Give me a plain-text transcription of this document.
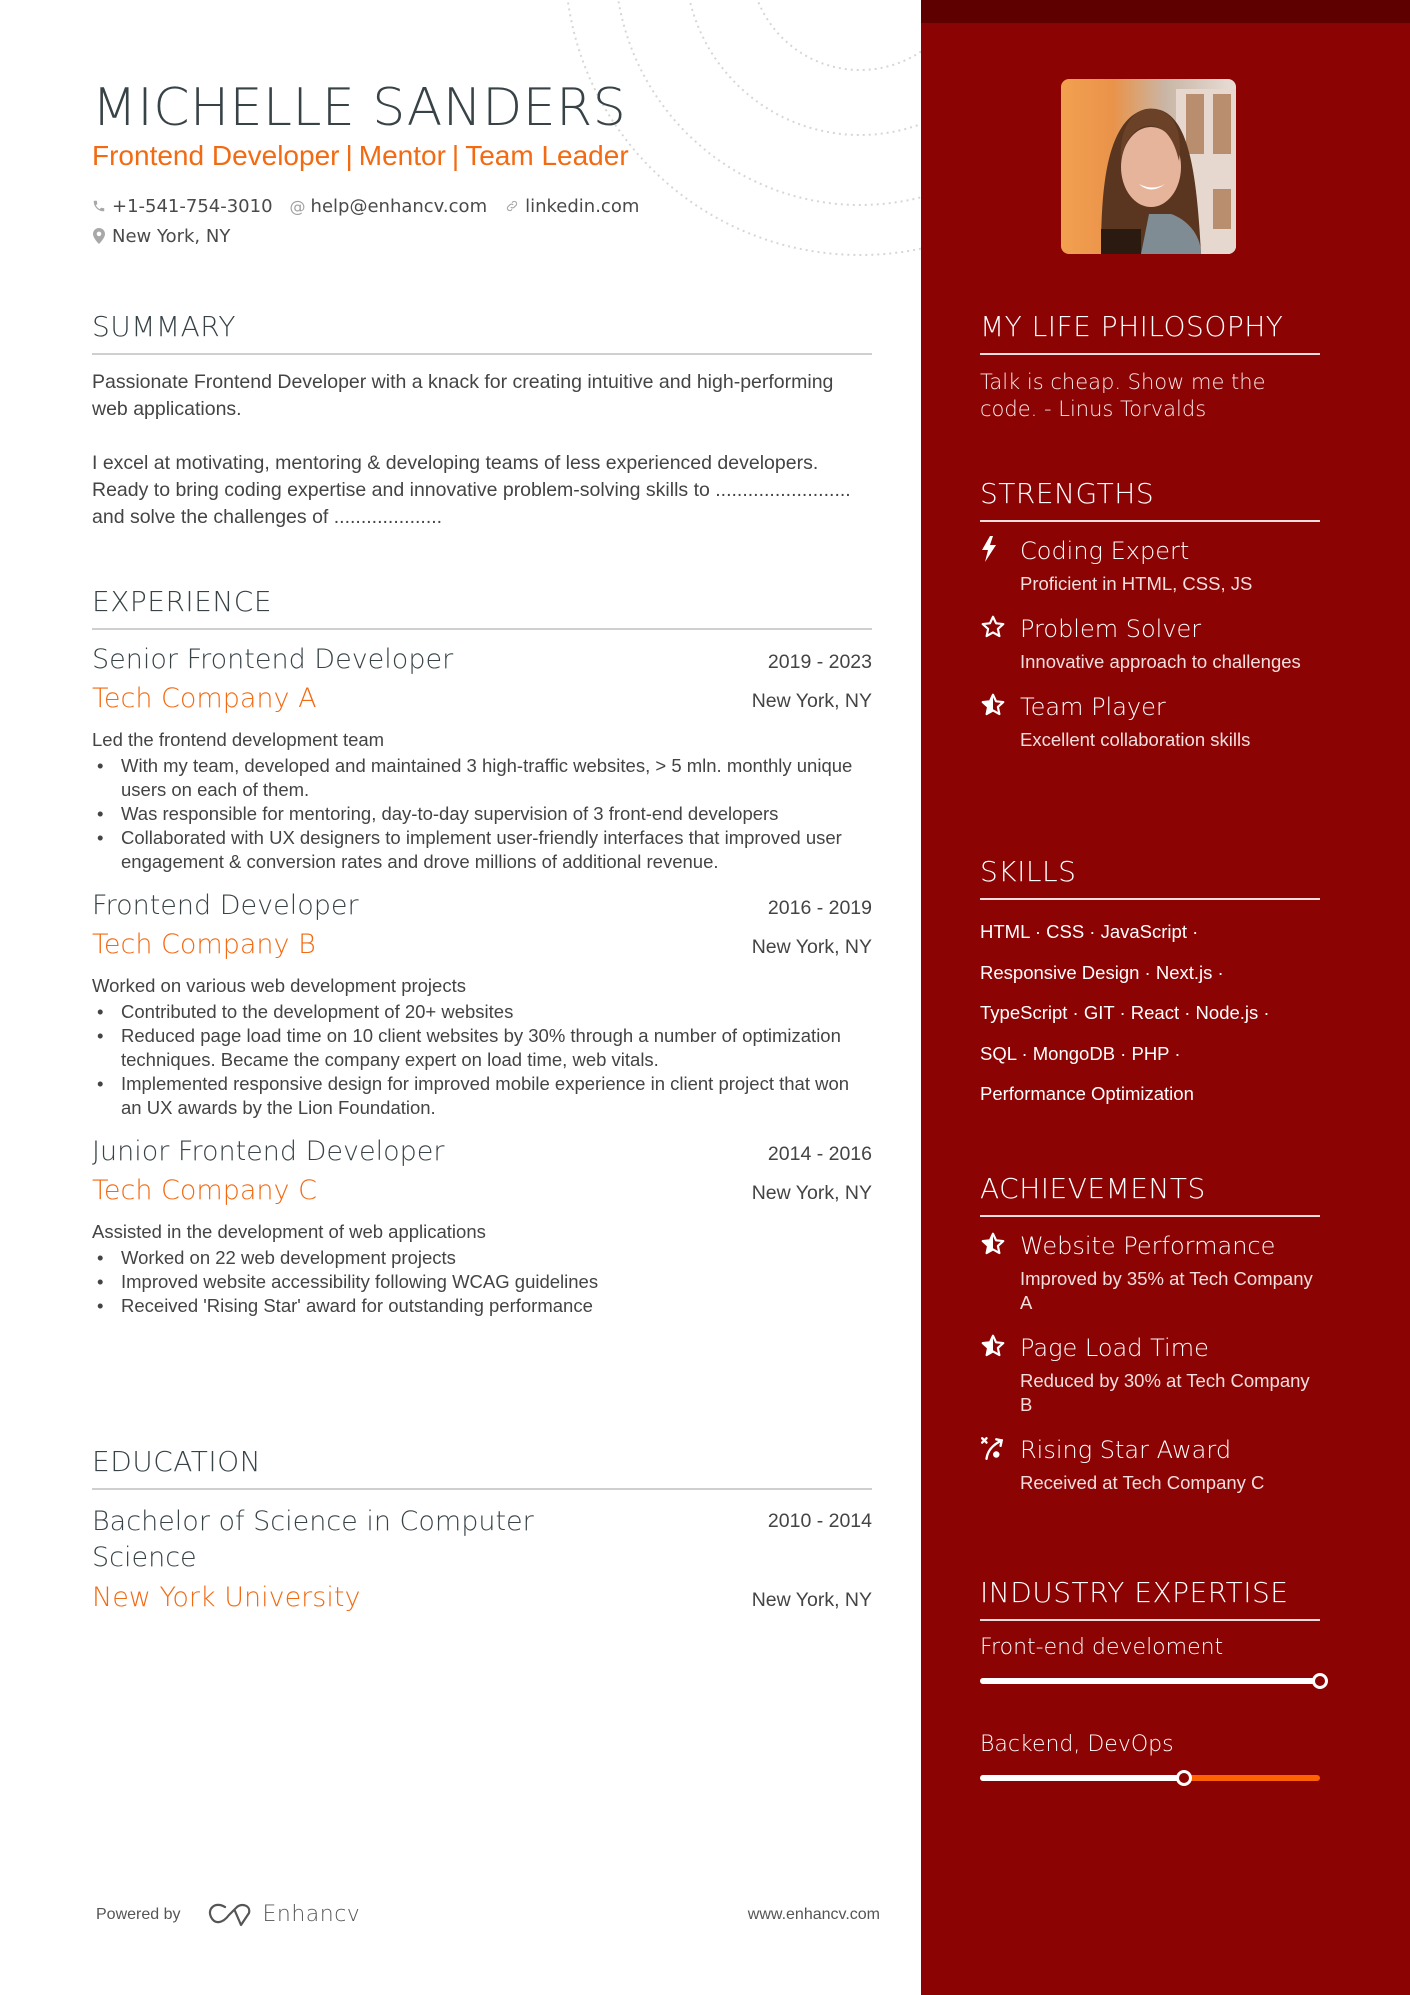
MICHELLE SANDERS
Frontend Developer | Mentor | Team Leader
+1-541-754-3010 @ help@enhancv.com linkedin.com
New York, NY
SUMMARY

Passionate Frontend Developer with a knack for creating intuitive and high-performing web applications.

I excel at motivating, mentoring & developing teams of less experienced developers. Ready to bring coding expertise and innovative problem-solving skills to ......................... and solve the challenges of ....................

EXPERIENCE
Senior Frontend Developer	2019 - 2023
Tech Company A	New York, NY
Led the frontend development team
• With my team, developed and maintained 3 high-traffic websites, > 5 mln. monthly unique users on each of them.
• Was responsible for mentoring, day-to-day supervision of 3 front-end developers
• Collaborated with UX designers to implement user-friendly interfaces that improved user engagement & conversion rates and drove millions of additional revenue.
Frontend Developer	2016 - 2019
Tech Company B	New York, NY
Worked on various web development projects
• Contributed to the development of 20+ websites
• Reduced page load time on 10 client websites by 30% through a number of optimization techniques. Became the company expert on load time, web vitals.
• Implemented responsive design for improved mobile experience in client project that won an UX awards by the Lion Foundation.
Junior Frontend Developer	2014 - 2016
Tech Company C	New York, NY
Assisted in the development of web applications
• Worked on 22 web development projects
• Improved website accessibility following WCAG guidelines
• Received 'Rising Star' award for outstanding performance
EDUCATION
Bachelor of Science in Computer Science
2010 - 2014
New York University	New York, NY
Powered by	Enhancv	www.enhancv.com
MY LIFE PHILOSOPHY

Talk is cheap. Show me the code. - Linus Torvalds

STRENGTHS
Coding Expert
Proficient in HTML, CSS, JS
Problem Solver
Innovative approach to challenges
Team Player
Excellent collaboration skills
SKILLS
HTML · CSS · JavaScript ·
Responsive Design · Next.js ·
TypeScript · GIT · React · Node.js ·
SQL · MongoDB · PHP ·
Performance Optimization
ACHIEVEMENTS
Website Performance
Improved by 35% at Tech Company A
Page Load Time
Reduced by 30% at Tech Company B
Rising Star Award
Received at Tech Company C
INDUSTRY EXPERTISE
Front-end develoment
Backend, DevOps
